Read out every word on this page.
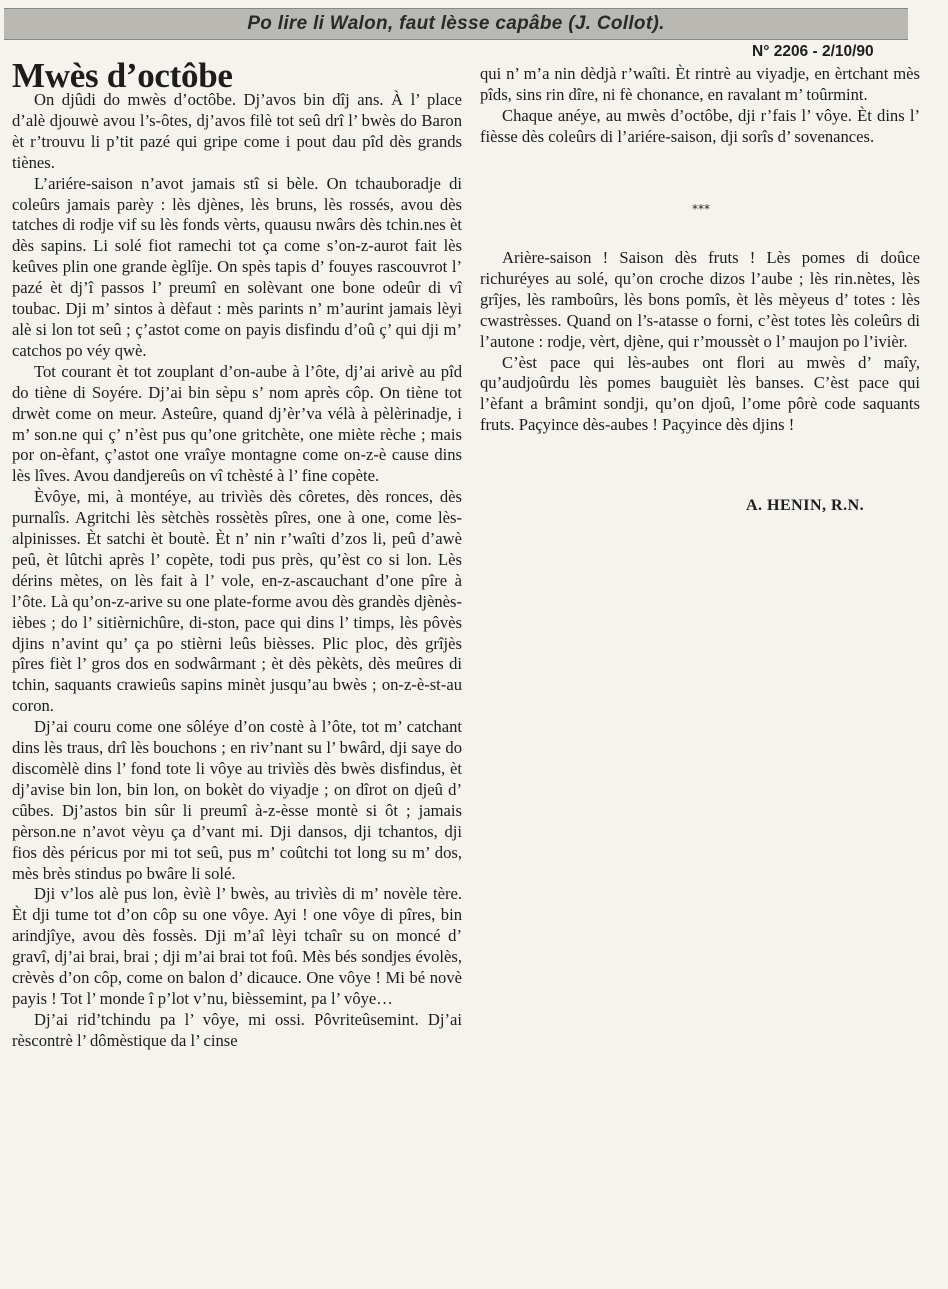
Po lire li Walon, faut lèsse capâbe (J. Collot).
N° 2206 - 2/10/90
Mwès d’octôbe

On djûdi do mwès d’octôbe. Dj’avos bin dîj ans. À l’ place d’alè djouwè avou l’s-ôtes, dj’avos filè tot seû drî l’ bwès do Baron èt r’trouvu li p’tit pazé qui gripe come i pout dau pîd dès grands tiènes.

L’ariére-saison n’avot jamais stî si bèle. On tchauboradje di coleûrs jamais parèy : lès djènes, lès bruns, lès rossés, avou dès tatches di rodje vif su lès fonds vèrts, quausu nwârs dès tchin.nes èt dès sapins. Li solé fiot ramechi tot ça come s’on-z-aurot fait lès keûves plin one grande èglîje. On spès tapis d’ fouyes rascouvrot l’ pazé èt dj’î passos l’ preumî en solèvant one bone odeûr di vî toubac. Dji m’ sintos à dèfaut : mès parints n’ m’aurint jamais lèyi alè si lon tot seû ; ç’astot come on payis disfindu d’oû ç’ qui dji m’ catchos po véy qwè.

Tot courant èt tot zouplant d’on-aube à l’ôte, dj’ai arivè au pîd do tiène di Soyére. Dj’ai bin sèpu s’ nom après côp. On tiène tot drwèt come on meur. Asteûre, quand dj’èr’va vélà à pèlèrinadje, i m’ son.ne qui ç’ n’èst pus qu’one gritchète, one miète rèche ; mais por on-èfant, ç’astot one vraîye montagne come on-z-è cause dins lès lîves. Avou dandjereûs on vî tchèsté à l’ fine copète.

Èvôye, mi, à montéye, au trivìès dès côretes, dès ronces, dès purnalîs. Agritchi lès sètchès rossètès pîres, one à one, come lès-alpinisses. Èt satchi èt boutè. Èt n’ nin r’waîti d’zos li, peû d’awè peû, èt lûtchi après l’ copète, todi pus près, qu’èst co si lon. Lès dérins mètes, on lès fait à l’ vole, en-z-ascauchant d’one pîre à l’ôte. Là qu’on-z-arive su one plate-forme avou dès grandès djènès-ièbes ; do l’ sitièrnichûre, di-ston, pace qui dins l’ timps, lès pôvès djins n’avint qu’ ça po stièrni leûs bièsses. Plic ploc, dès grîjès pîres fièt l’ gros dos en sodwârmant ; èt dès pèkèts, dès meûres di tchin, saquants crawieûs sapins minèt jusqu’au bwès ; on-z-è-st-au coron.

Dj’ai couru come one sôléye d’on costè à l’ôte, tot m’ catchant dins lès traus, drî lès bouchons ; en riv’nant su l’ bwârd, dji saye do discomèlè dins l’ fond tote li vôye au trivìès dès bwès disfindus, èt dj’avise bin lon, bin lon, on bokèt do viyadje ; on dîrot on djeû d’ cûbes. Dj’astos bin sûr li preumî à-z-èsse montè si ôt ; jamais pèrson.ne n’avot vèyu ça d’vant mi. Dji dansos, dji tchantos, dji fios dès péricus por mi tot seû, pus m’ coûtchi tot long su m’ dos, mès brès stindus po bwâre li solé.

Dji v’los alè pus lon, èvìè l’ bwès, au trivìès di m’ novèle tère. Èt dji tume tot d’on côp su one vôye. Ayi ! one vôye di pîres, bin arindjîye, avou dès fossès. Dji m’aî lèyi tchaîr su on moncé d’ gravî, dj’ai brai, brai ; dji m’ai brai tot foû. Mès bés sondjes évolès, crèvès d’on côp, come on balon d’ dicauce. One vôye ! Mi bé novè payis ! Tot l’ monde î p’lot v’nu, bièssemint, pa l’ vôye…

Dj’ai rid’tchindu pa l’ vôye, mi ossi. Pôvriteûsemint. Dj’ai rèscontrè l’ dômèstique da l’ cinse

qui n’ m’a nin dèdjà r’waîti. Èt rintrè au viyadje, en èrtchant mès pîds, sins rin dîre, ni fè chonance, en ravalant m’ toûrmint.

Chaque anéye, au mwès d’octôbe, dji r’fais l’ vôye. Èt dins l’ fièsse dès coleûrs di l’ariére-saison, dji sorîs d’ sovenances.

***

Arière-saison ! Saison dès fruts ! Lès pomes di doûce richuréyes au solé, qu’on croche dizos l’aube ; lès rin.nètes, lès grîjes, lès ramboûrs, lès bons pomîs, èt lès mèyeus d’ totes : lès cwastrèsses. Quand on l’s-atasse o forni, c’èst totes lès coleûrs di l’autone : rodje, vèrt, djène, qui r’moussèt o l’ maujon po l’ivièr.

C’èst pace qui lès-aubes ont flori au mwès d’ maîy, qu’audjoûrdu lès pomes bauguièt lès banses. C’èst pace qui l’èfant a brâmint sondji, qu’on djoû, l’ome pôrè code saquants fruts. Paçyince dès-aubes ! Paçyince dès djins !

A. HENIN, R.N.
